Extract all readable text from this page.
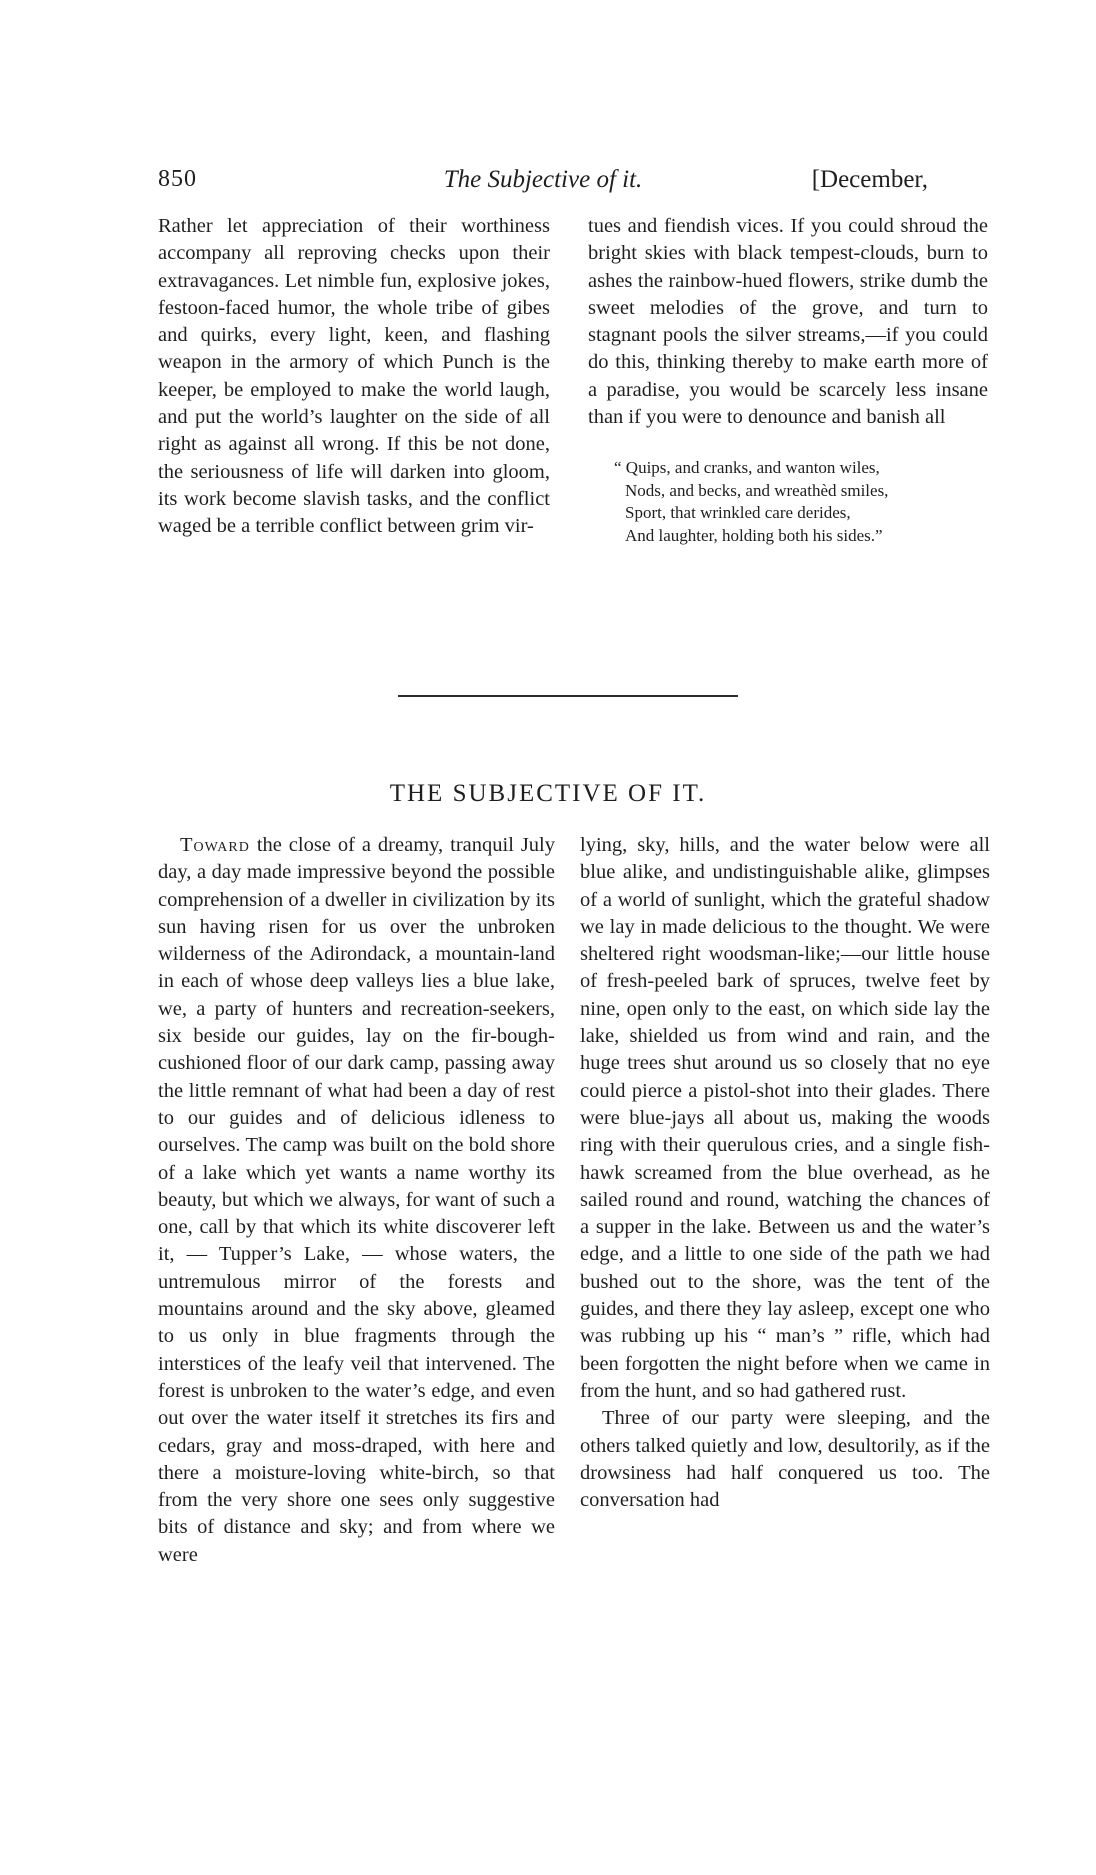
850	The Subjective of it.	[December,

Rather let appreciation of their worthiness accompany all reproving checks upon their extravagances. Let nimble fun, explosive jokes, festoon-faced humor, the whole tribe of gibes and quirks, every light, keen, and flashing weapon in the armory of which Punch is the keeper, be employed to make the world laugh, and put the world’s laughter on the side of all right as against all wrong. If this be not done, the seriousness of life will darken into gloom, its work become slavish tasks, and the conflict waged be a terrible conflict between grim vir-

tues and fiendish vices. If you could shroud the bright skies with black tempest-clouds, burn to ashes the rainbow-hued flowers, strike dumb the sweet melodies of the grove, and turn to stagnant pools the silver streams,—if you could do this, thinking thereby to make earth more of a paradise, you would be scarcely less insane than if you were to denounce and banish all

“ Quips, and cranks, and wanton wiles,
Nods, and becks, and wreathèd smiles,
Sport, that wrinkled care derides,
And laughter, holding both his sides.”
THE SUBJECTIVE OF IT.

Toward the close of a dreamy, tranquil July day, a day made impressive beyond the possible comprehension of a dweller in civilization by its sun having risen for us over the unbroken wilderness of the Adirondack, a mountain-land in each of whose deep valleys lies a blue lake, we, a party of hunters and recreation-seekers, six beside our guides, lay on the fir-bough-cushioned floor of our dark camp, passing away the little remnant of what had been a day of rest to our guides and of delicious idleness to ourselves. The camp was built on the bold shore of a lake which yet wants a name worthy its beauty, but which we always, for want of such a one, call by that which its white discoverer left it, — Tupper’s Lake, — whose waters, the untremulous mirror of the forests and mountains around and the sky above, gleamed to us only in blue fragments through the interstices of the leafy veil that intervened. The forest is unbroken to the water’s edge, and even out over the water itself it stretches its firs and cedars, gray and moss-draped, with here and there a moisture-loving white-birch, so that from the very shore one sees only suggestive bits of distance and sky; and from where we were

lying, sky, hills, and the water below were all blue alike, and undistinguishable alike, glimpses of a world of sunlight, which the grateful shadow we lay in made delicious to the thought. We were sheltered right woodsman-like;—our little house of fresh-peeled bark of spruces, twelve feet by nine, open only to the east, on which side lay the lake, shielded us from wind and rain, and the huge trees shut around us so closely that no eye could pierce a pistol-shot into their glades. There were blue-jays all about us, making the woods ring with their querulous cries, and a single fish-hawk screamed from the blue overhead, as he sailed round and round, watching the chances of a supper in the lake. Between us and the water’s edge, and a little to one side of the path we had bushed out to the shore, was the tent of the guides, and there they lay asleep, except one who was rubbing up his “ man’s ” rifle, which had been forgotten the night before when we came in from the hunt, and so had gathered rust.

Three of our party were sleeping, and the others talked quietly and low, desultorily, as if the drowsiness had half conquered us too. The conversation had
